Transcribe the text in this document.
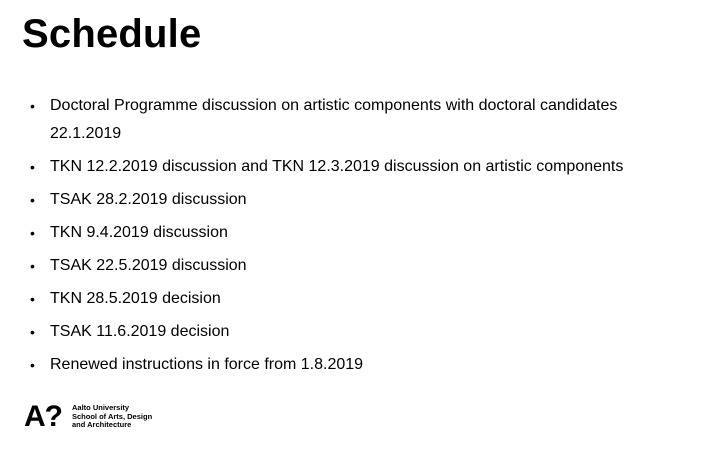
Schedule
• Doctoral Programme discussion on artistic components with doctoral candidates 22.1.2019
• TKN 12.2.2019 discussion and TKN 12.3.2019 discussion on artistic components
• TSAK 28.2.2019 discussion
• TKN 9.4.2019 discussion
• TSAK 22.5.2019 discussion
• TKN 28.5.2019 decision
• TSAK 11.6.2019 decision
• Renewed instructions in force from 1.8.2019
A? Aalto University
School of Arts, Design
and Architecture
